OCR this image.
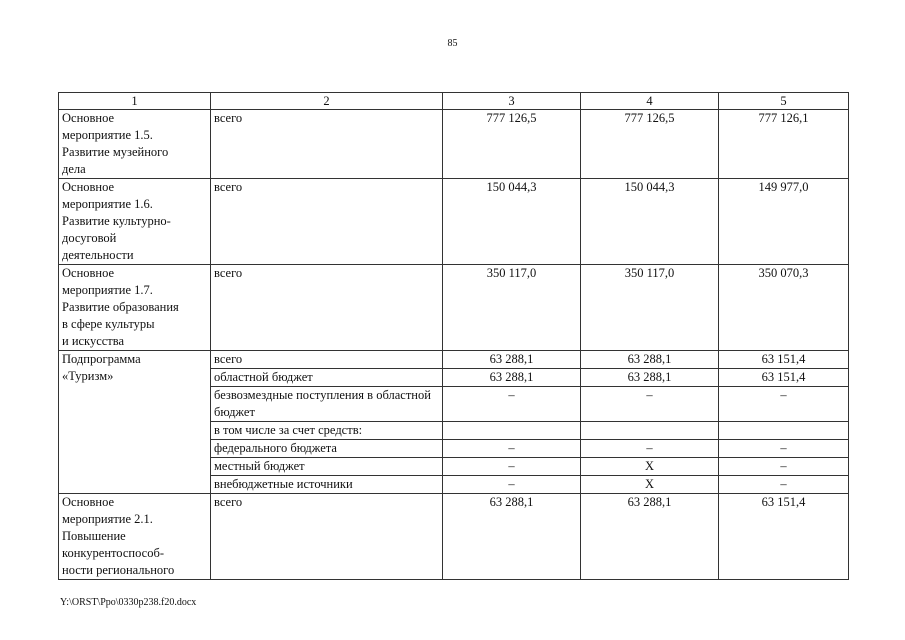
85
1	2	3	4	5

Основное
мероприятие 1.5.
Развитие музейного
дела	всего	777 126,5	777 126,5	777 126,1

Основное
мероприятие 1.6.
Развитие культурно-
досуговой
деятельности	всего	150 044,3	150 044,3	149 977,0

Основное
мероприятие 1.7.
Развитие образования
в сфере культуры
и искусства	всего	350 117,0	350 117,0	350 070,3

Подпрограмма
«Туризм»	всего	63 288,1	63 288,1	63 151,4
	областной бюджет	63 288,1	63 288,1	63 151,4
	безвозмездные поступления в областной бюджет	–	–	–
	в том числе за счет средств:			
	федерального бюджета	–	–	–
	местный бюджет	–	Х	–
	внебюджетные источники	–	Х	–

Основное
мероприятие 2.1.
Повышение
конкурентоспособ-
ности регионального	всего	63 288,1	63 288,1	63 151,4
Y:\ORST\Ppo\0330p238.f20.docx
